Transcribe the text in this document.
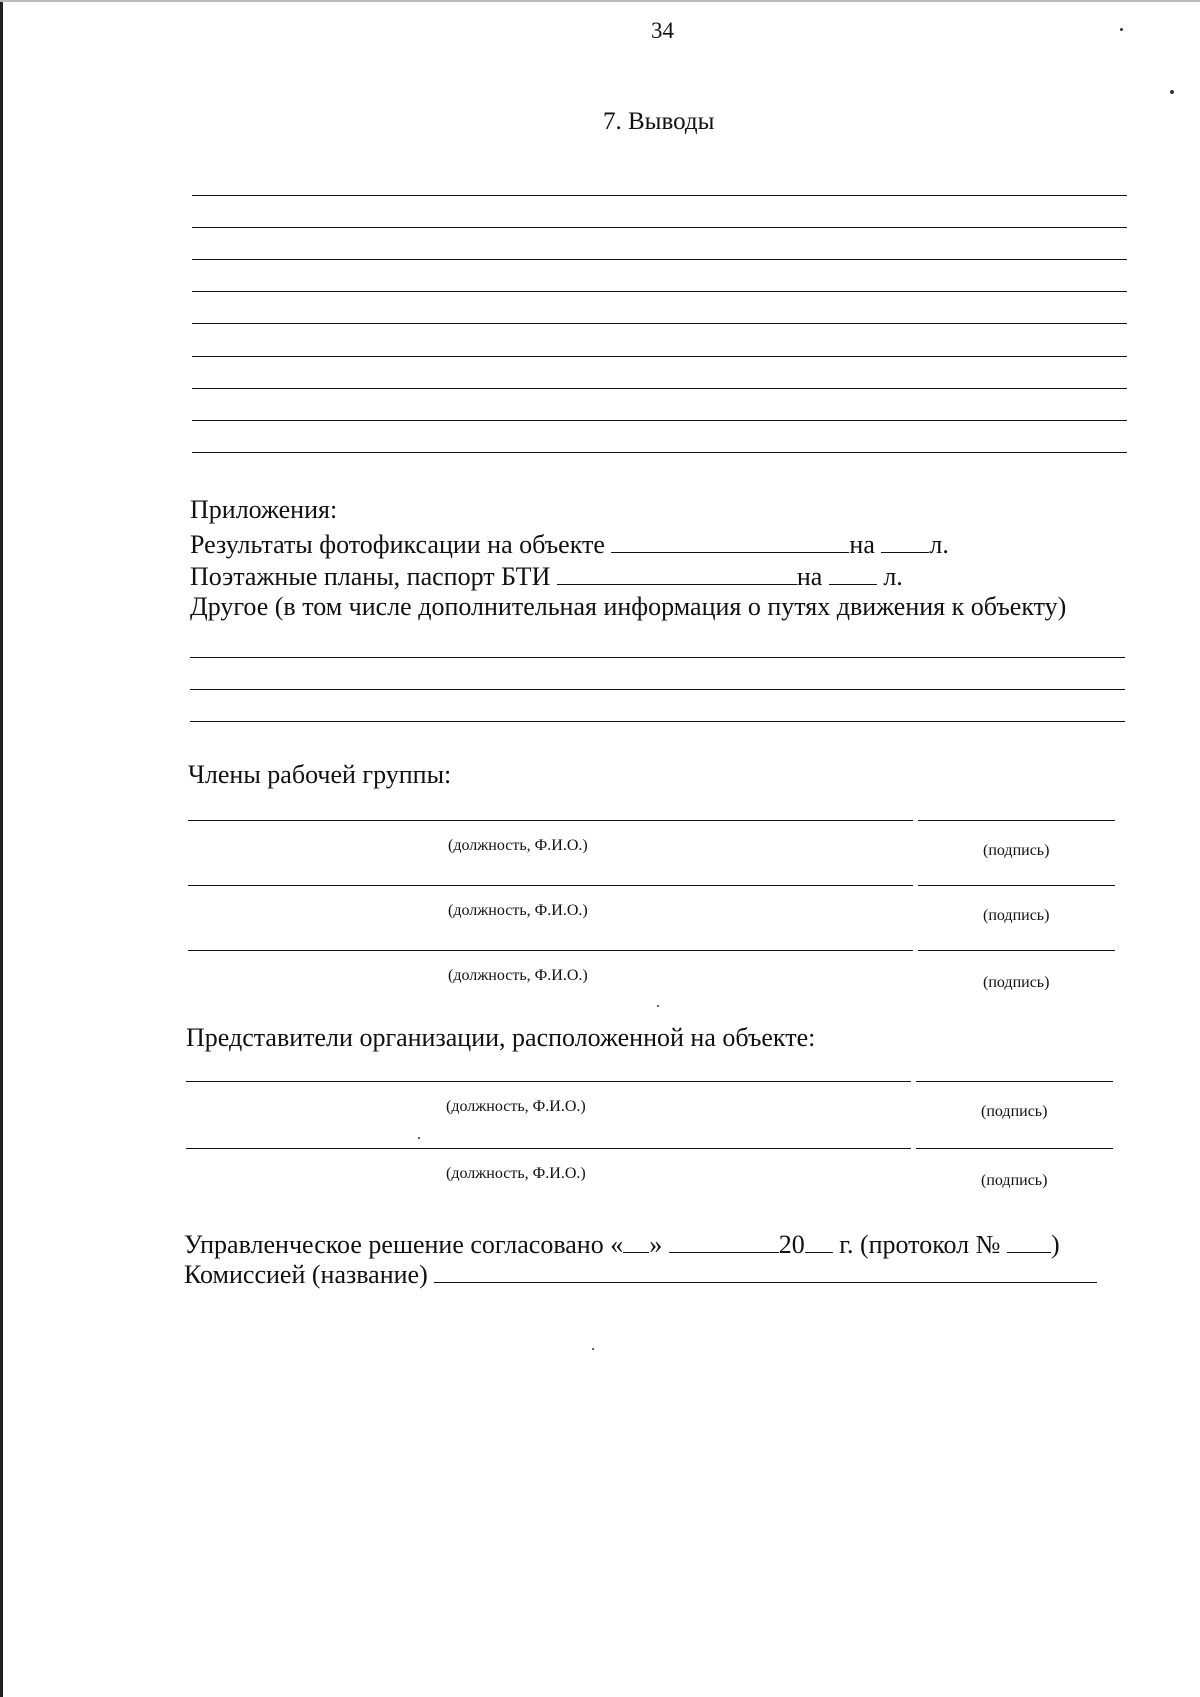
34
7. Выводы
Приложения:
Результаты фотофиксации на объекте	на л.
Поэтажные планы, паспорт БТИ	на л.
Другое (в том числе дополнительная информация о путях движения к объекту)
Члены рабочей группы:
(должность, Ф.И.О.)	(подпись)
(должность, Ф.И.О.)	(подпись)
(должность, Ф.И.О.)	(подпись)
Представители организации, расположенной на объекте:
(должность, Ф.И.О.)	(подпись)
(должность, Ф.И.О.)	(подпись)
Управленческое решение согласовано « »	20 г. (протокол № )
Комиссией (название)
